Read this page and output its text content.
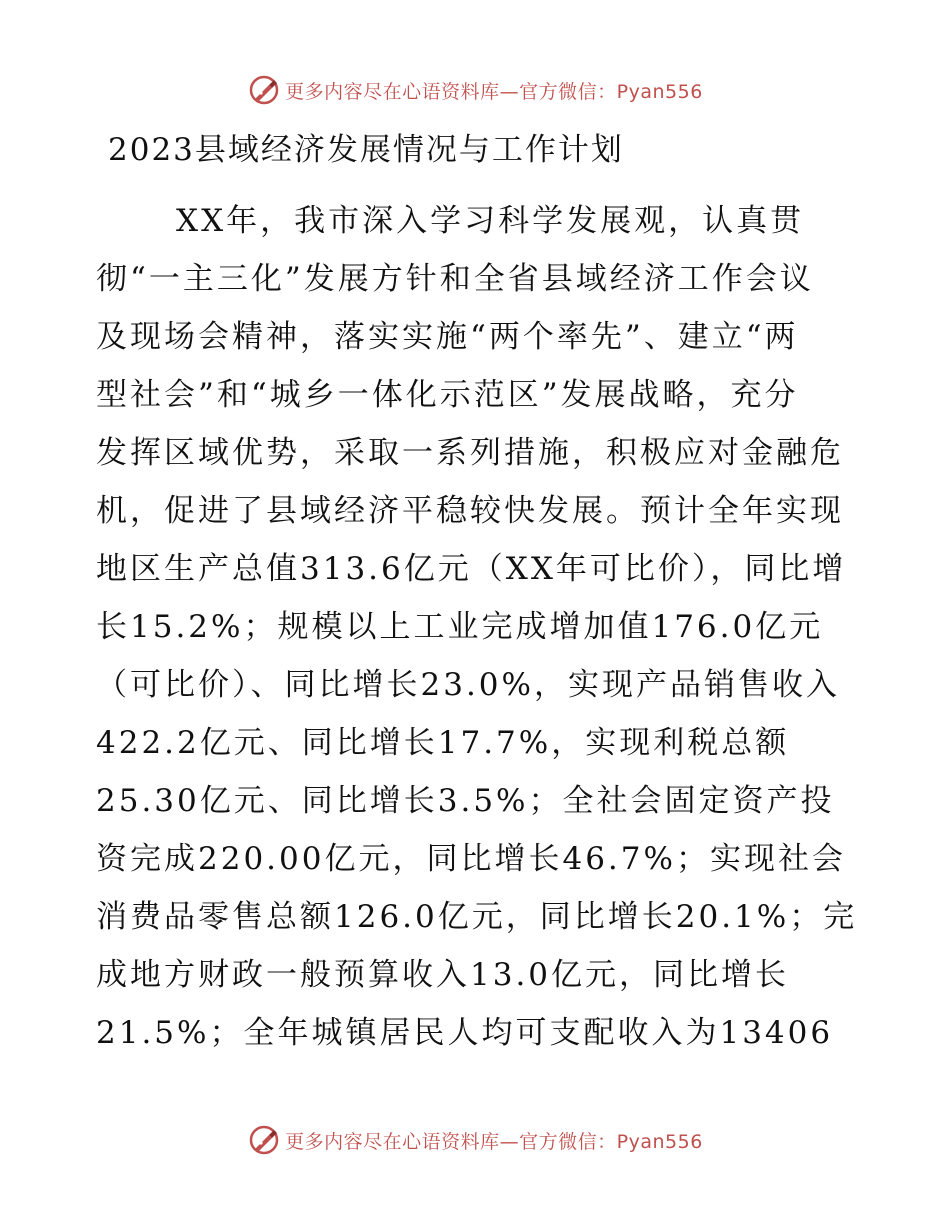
更多内容尽在心语资料库—官方微信：Pyan556
2023县域经济发展情况与工作计划
XX年，我市深入学习科学发展观，认真贯
彻“一主三化”发展方针和全省县域经济工作会议
及现场会精神，落实实施“两个率先”、建立“两
型社会”和“城乡一体化示范区”发展战略，充分
发挥区域优势，采取一系列措施，积极应对金融危
机，促进了县域经济平稳较快发展。预计全年实现
地区生产总值313.6亿元（XX年可比价），同比增
长15.2%；规模以上工业完成增加值176.0亿元
（可比价）、同比增长23.0%，实现产品销售收入
422.2亿元、同比增长17.7%，实现利税总额
25.30亿元、同比增长3.5%；全社会固定资产投
资完成220.00亿元，同比增长46.7%；实现社会
消费品零售总额126.0亿元，同比增长20.1%；完
成地方财政一般预算收入13.0亿元，同比增长
21.5%；全年城镇居民人均可支配收入为13406
更多内容尽在心语资料库—官方微信：Pyan556
